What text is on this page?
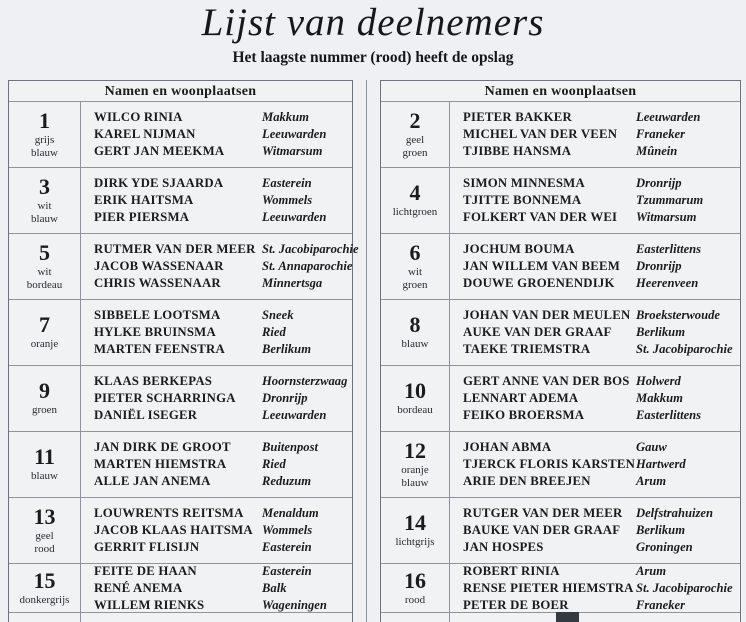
Lijst van deelnemers
Het laagste nummer (rood) heeft de opslag
Namen en woonplaatsen
1
grijs
blauw
WILCO RINIA
KAREL NIJMAN
GERT JAN MEEKMA
Makkum
Leeuwarden
Witmarsum
3
wit
blauw
DIRK YDE SJAARDA
ERIK HAITSMA
PIER PIERSMA
Easterein
Wommels
Leeuwarden
5
wit
bordeau
RUTMER VAN DER MEER
JACOB WASSENAAR
CHRIS WASSENAAR
St. Jacobiparochie
St. Annaparochie
Minnertsga
7
oranje
SIBBELE LOOTSMA
HYLKE BRUINSMA
MARTEN FEENSTRA
Sneek
Ried
Berlikum
9
groen
KLAAS BERKEPAS
PIETER SCHARRINGA
DANIËL ISEGER
Hoornsterzwaag
Dronrijp
Leeuwarden
11
blauw
JAN DIRK DE GROOT
MARTEN HIEMSTRA
ALLE JAN ANEMA
Buitenpost
Ried
Reduzum
13
geel
rood
LOUWRENTS REITSMA
JACOB KLAAS HAITSMA
GERRIT FLISIJN
Menaldum
Wommels
Easterein
15
donkergrijs
FEITE DE HAAN
RENÉ ANEMA
WILLEM RIENKS
Easterein
Balk
Wageningen
Namen en woonplaatsen
2
geel
groen
PIETER BAKKER
MICHEL VAN DER VEEN
TJIBBE HANSMA
Leeuwarden
Franeker
Mûnein
4
lichtgroen
SIMON MINNESMA
TJITTE BONNEMA
FOLKERT VAN DER WEI
Dronrijp
Tzummarum
Witmarsum
6
wit
groen
JOCHUM BOUMA
JAN WILLEM VAN BEEM
DOUWE GROENENDIJK
Easterlittens
Dronrijp
Heerenveen
8
blauw
JOHAN VAN DER MEULEN
AUKE VAN DER GRAAF
TAEKE TRIEMSTRA
Broeksterwoude
Berlikum
St. Jacobiparochie
10
bordeau
GERT ANNE VAN DER BOS
LENNART ADEMA
FEIKO BROERSMA
Holwerd
Makkum
Easterlittens
12
oranje
blauw
JOHAN ABMA
TJERCK FLORIS KARSTEN
ARIE DEN BREEJEN
Gauw
Hartwerd
Arum
14
lichtgrijs
RUTGER VAN DER MEER
BAUKE VAN DER GRAAF
JAN HOSPES
Delfstrahuizen
Berlikum
Groningen
16
rood
ROBERT RINIA
RENSE PIETER HIEMSTRA
PETER DE BOER
Arum
St. Jacobiparochie
Franeker
